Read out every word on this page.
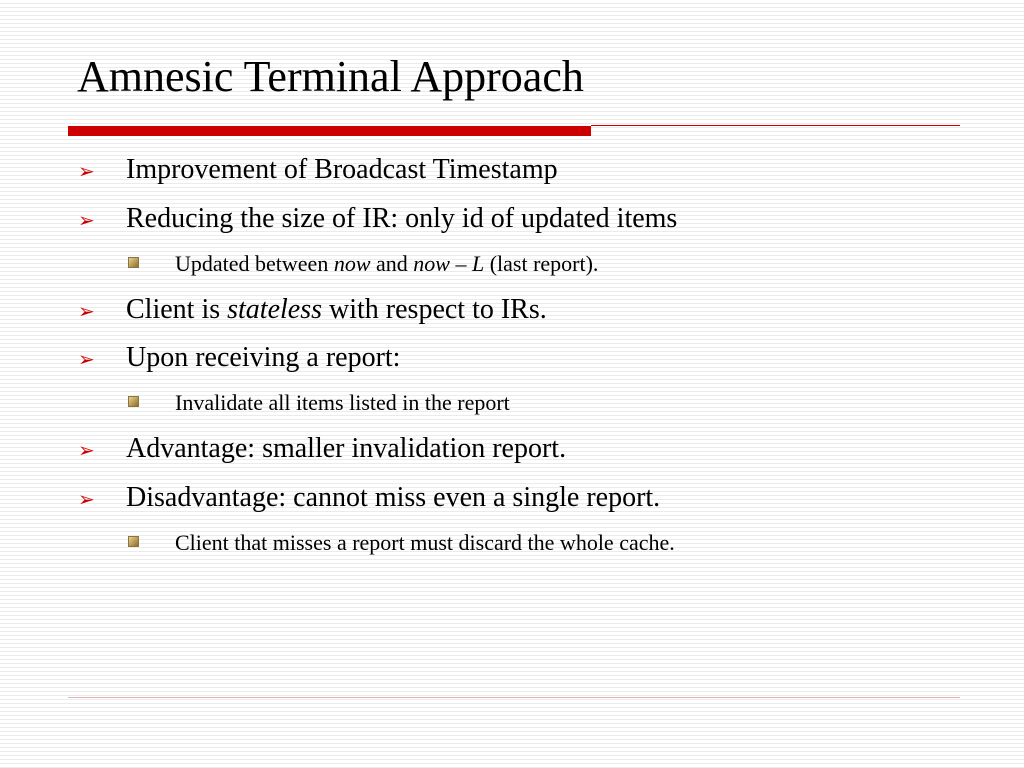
Amnesic Terminal Approach
➢ Improvement of Broadcast Timestamp
➢ Reducing the size of IR: only id of updated items
Updated between now and now – L (last report).
➢ Client is stateless with respect to IRs.
➢ Upon receiving a report:
Invalidate all items listed in the report
➢ Advantage: smaller invalidation report.
➢ Disadvantage: cannot miss even a single report.
Client that misses a report must discard the whole cache.
